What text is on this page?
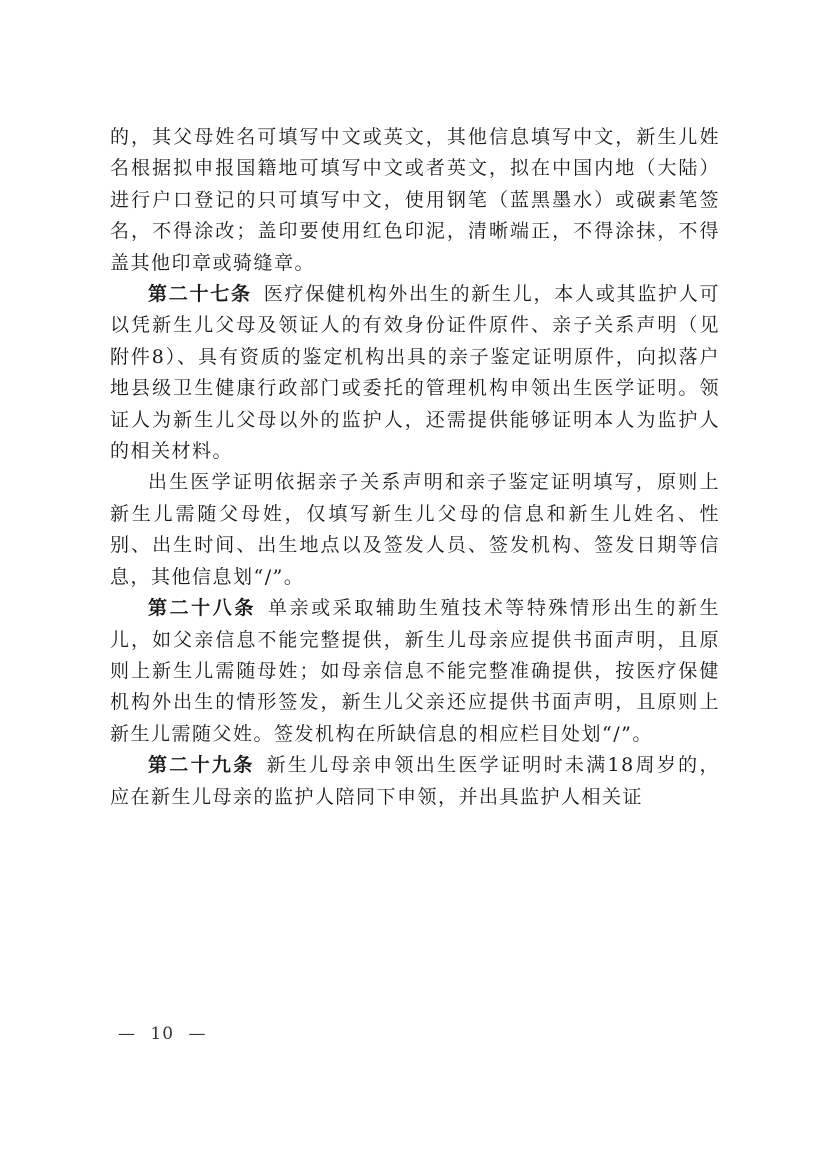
的，其父母姓名可填写中文或英文，其他信息填写中文，新生儿姓名根据拟申报国籍地可填写中文或者英文，拟在中国内地（大陆）进行户口登记的只可填写中文，使用钢笔（蓝黑墨水）或碳素笔签名，不得涂改；盖印要使用红色印泥，清晰端正，不得涂抹，不得盖其他印章或骑缝章。

第二十七条 医疗保健机构外出生的新生儿，本人或其监护人可以凭新生儿父母及领证人的有效身份证件原件、亲子关系声明（见附件8）、具有资质的鉴定机构出具的亲子鉴定证明原件，向拟落户地县级卫生健康行政部门或委托的管理机构申领出生医学证明。领证人为新生儿父母以外的监护人，还需提供能够证明本人为监护人的相关材料。

出生医学证明依据亲子关系声明和亲子鉴定证明填写，原则上新生儿需随父母姓，仅填写新生儿父母的信息和新生儿姓名、性别、出生时间、出生地点以及签发人员、签发机构、签发日期等信息，其他信息划“/”。

第二十八条 单亲或采取辅助生殖技术等特殊情形出生的新生儿，如父亲信息不能完整提供，新生儿母亲应提供书面声明，且原则上新生儿需随母姓；如母亲信息不能完整准确提供，按医疗保健机构外出生的情形签发，新生儿父亲还应提供书面声明，且原则上新生儿需随父姓。签发机构在所缺信息的相应栏目处划“/”。

第二十九条 新生儿母亲申领出生医学证明时未满18周岁的，应在新生儿母亲的监护人陪同下申领，并出具监护人相关证

— 10 —
